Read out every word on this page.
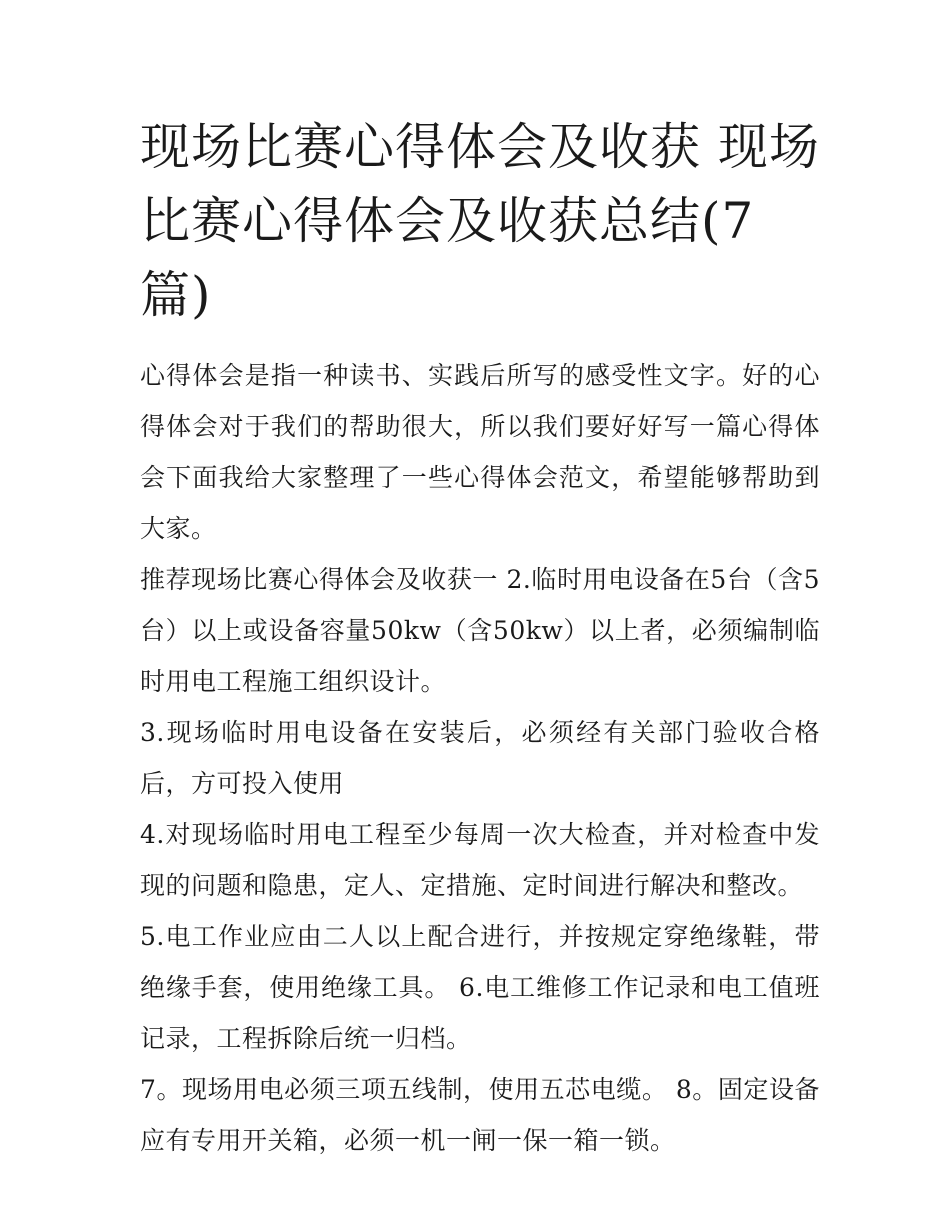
现场比赛心得体会及收获 现场比赛心得体会及收获总结(7篇)

心得体会是指一种读书、实践后所写的感受性文字。好的心得体会对于我们的帮助很大，所以我们要好好写一篇心得体会下面我给大家整理了一些心得体会范文，希望能够帮助到大家。

推荐现场比赛心得体会及收获一 2.临时用电设备在5台（含5台）以上或设备容量50kw（含50kw）以上者，必须编制临时用电工程施工组织设计。

3.现场临时用电设备在安装后，必须经有关部门验收合格后，方可投入使用

4.对现场临时用电工程至少每周一次大检查，并对检查中发现的问题和隐患，定人、定措施、定时间进行解决和整改。

5.电工作业应由二人以上配合进行，并按规定穿绝缘鞋，带绝缘手套，使用绝缘工具。 6.电工维修工作记录和电工值班记录，工程拆除后统一归档。

7。现场用电必须三项五线制，使用五芯电缆。 8。固定设备应有专用开关箱，必须一机一闸一保一箱一锁。
